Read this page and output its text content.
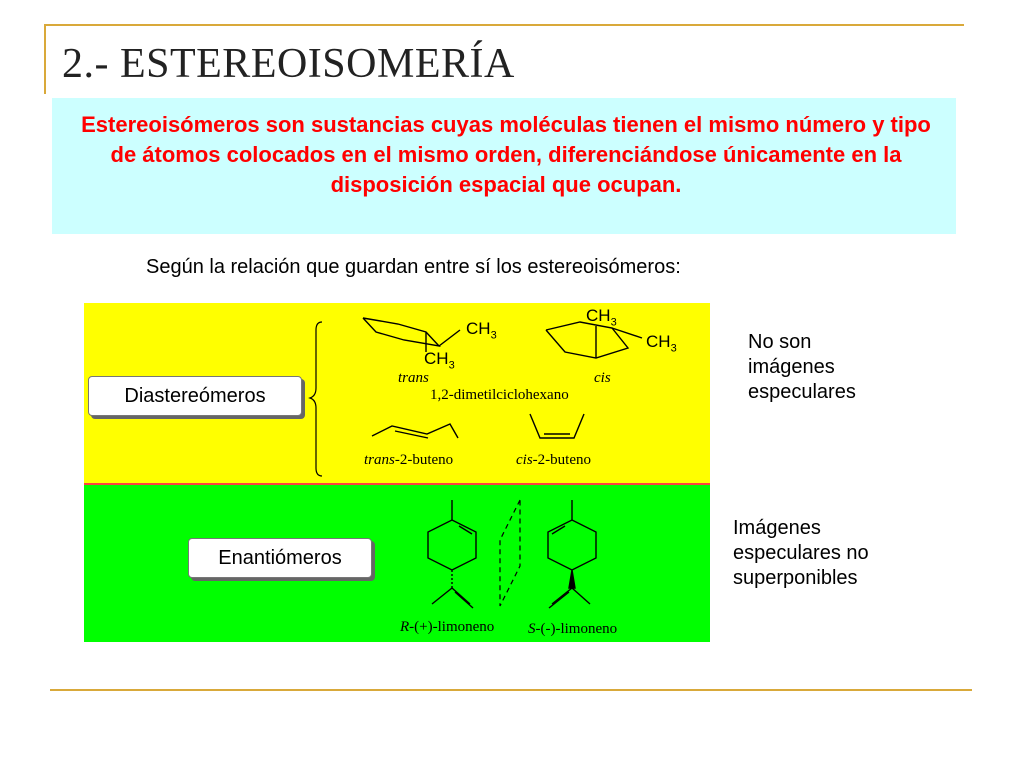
2.- ESTEREOISOMERÍA
Estereoisómeros son sustancias cuyas moléculas tienen el mismo número y tipo de átomos colocados en el mismo orden, diferenciándose únicamente en la disposición espacial que ocupan.
Según la relación que guardan entre sí los estereoisómeros:
Diastereómeros
Enantiómeros
$CH_3$
$CH_3$
$CH_3$
$CH_3$
trans	cis
1,2-dimetilciclohexano
trans-2-buteno	cis-2-buteno
R-(+)-limoneno S-(-)-limoneno
No son
imágenes
especulares
Imágenes
especulares no
superponibles
